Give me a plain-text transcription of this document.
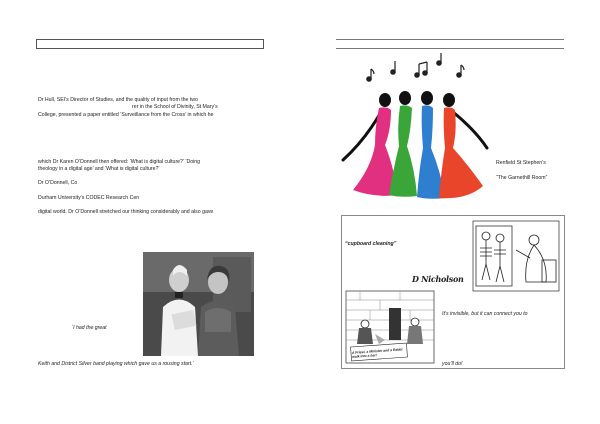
Dr Hull, SEI’s Director of Studies, and the quality of input from the two
rer in the School of Divinity, St Mary’s
College, presented a paper entitled ‘Surveillance from the Cross’ in which he
which Dr Karen O’Donnell then offered: ‘What is digital culture?’ ‘Doing
theology in a digital age’ and ‘What is digital culture?’
Dr O’Donnell, Co
Durham University’s CODEC Research Cen
digital world. Dr O’Donnell stretched our thinking considerably and also gave
‘I had the great
Keith and District Silver band playing which gave us a rousing start.’
Renfield St Stephen’s
“The Garnethill Room”
“cupboard cleaning”
D Nicholson
A Priest, a Minister and a Rabbi walk into a bar!
It’s invisible, but it can connect you to
you’ll do!
